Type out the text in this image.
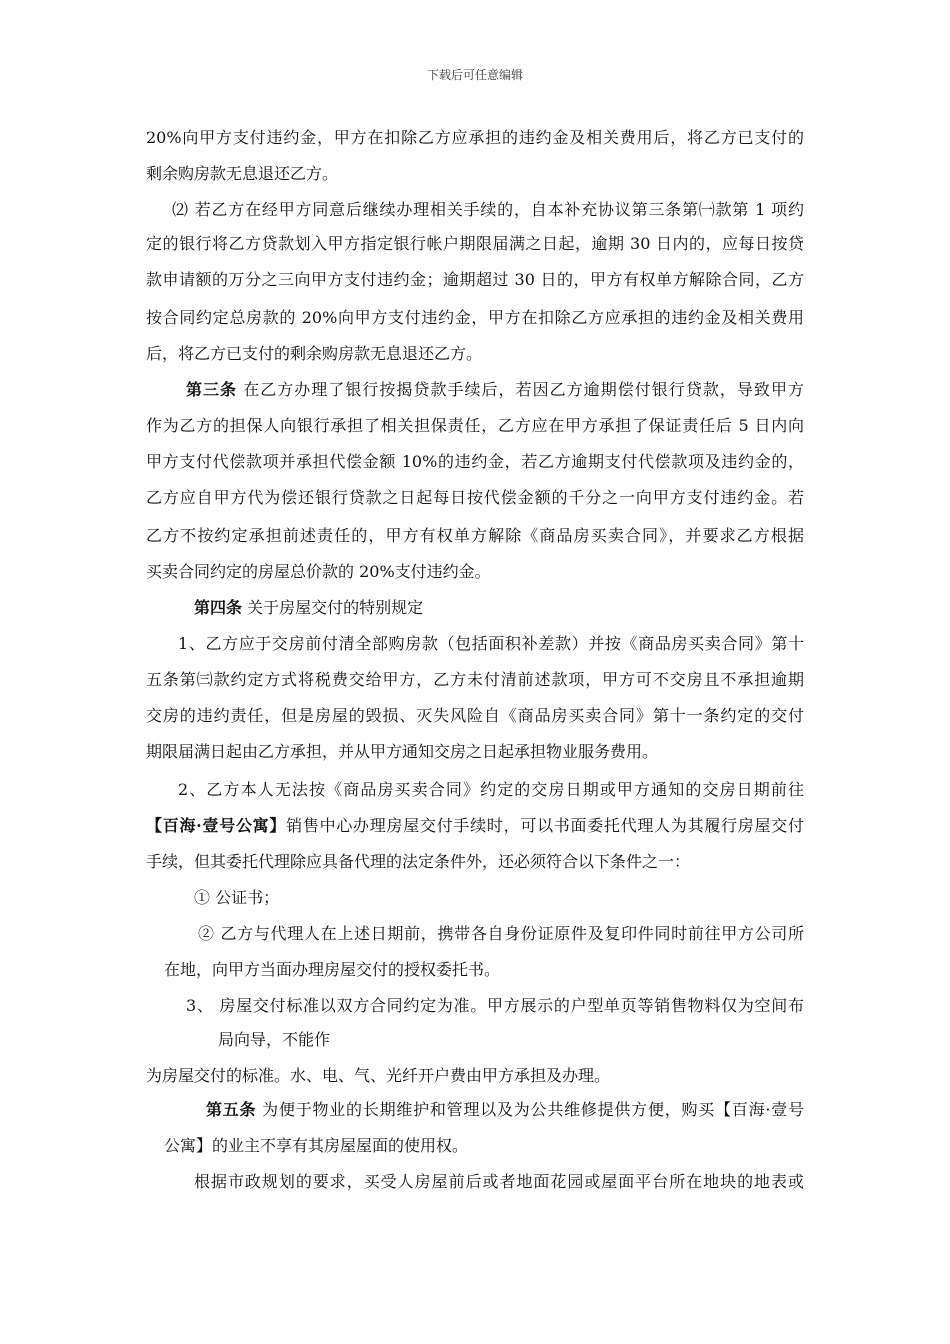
下载后可任意编辑
20%向甲方支付违约金，甲方在扣除乙方应承担的违约金及相关费用后，将乙方已支付的
剩余购房款无息退还乙方。
⑵ 若乙方在经甲方同意后继续办理相关手续的，自本补充协议第三条第㈠款第 1 项约
定的银行将乙方贷款划入甲方指定银行帐户期限届满之日起，逾期 30 日内的，应每日按贷
款申请额的万分之三向甲方支付违约金；逾期超过 30 日的，甲方有权单方解除合同，乙方
按合同约定总房款的 20%向甲方支付违约金，甲方在扣除乙方应承担的违约金及相关费用
后，将乙方已支付的剩余购房款无息退还乙方。
第三条 在乙方办理了银行按揭贷款手续后，若因乙方逾期偿付银行贷款，导致甲方
作为乙方的担保人向银行承担了相关担保责任，乙方应在甲方承担了保证责任后 5 日内向
甲方支付代偿款项并承担代偿金额 10%的违约金，若乙方逾期支付代偿款项及违约金的，
乙方应自甲方代为偿还银行贷款之日起每日按代偿金额的千分之一向甲方支付违约金。若
乙方不按约定承担前述责任的，甲方有权单方解除《商品房买卖合同》，并要求乙方根据
买卖合同约定的房屋总价款的 20%支付违约金。
第四条 关于房屋交付的特别规定
1、乙方应于交房前付清全部购房款（包括面积补差款）并按《商品房买卖合同》第十
五条第㈢款约定方式将税费交给甲方，乙方未付清前述款项，甲方可不交房且不承担逾期
交房的违约责任，但是房屋的毁损、灭失风险自《商品房买卖合同》第十一条约定的交付
期限届满日起由乙方承担，并从甲方通知交房之日起承担物业服务费用。
2、乙方本人无法按《商品房买卖合同》约定的交房日期或甲方通知的交房日期前往
【百海·壹号公寓】销售中心办理房屋交付手续时，可以书面委托代理人为其履行房屋交付
手续，但其委托代理除应具备代理的法定条件外，还必须符合以下条件之一：
① 公证书；
② 乙方与代理人在上述日期前，携带各自身份证原件及复印件同时前往甲方公司所
在地，向甲方当面办理房屋交付的授权委托书。
3、 房屋交付标准以双方合同约定为准。甲方展示的户型单页等销售物料仅为空间布
局向导，不能作
为房屋交付的标准。水、电、气、光纤开户费由甲方承担及办理。
第五条 为便于物业的长期维护和管理以及为公共维修提供方便，购买【百海·壹号
公寓】的业主不享有其房屋屋面的使用权。
根据市政规划的要求，买受人房屋前后或者地面花园或屋面平台所在地块的地表或
